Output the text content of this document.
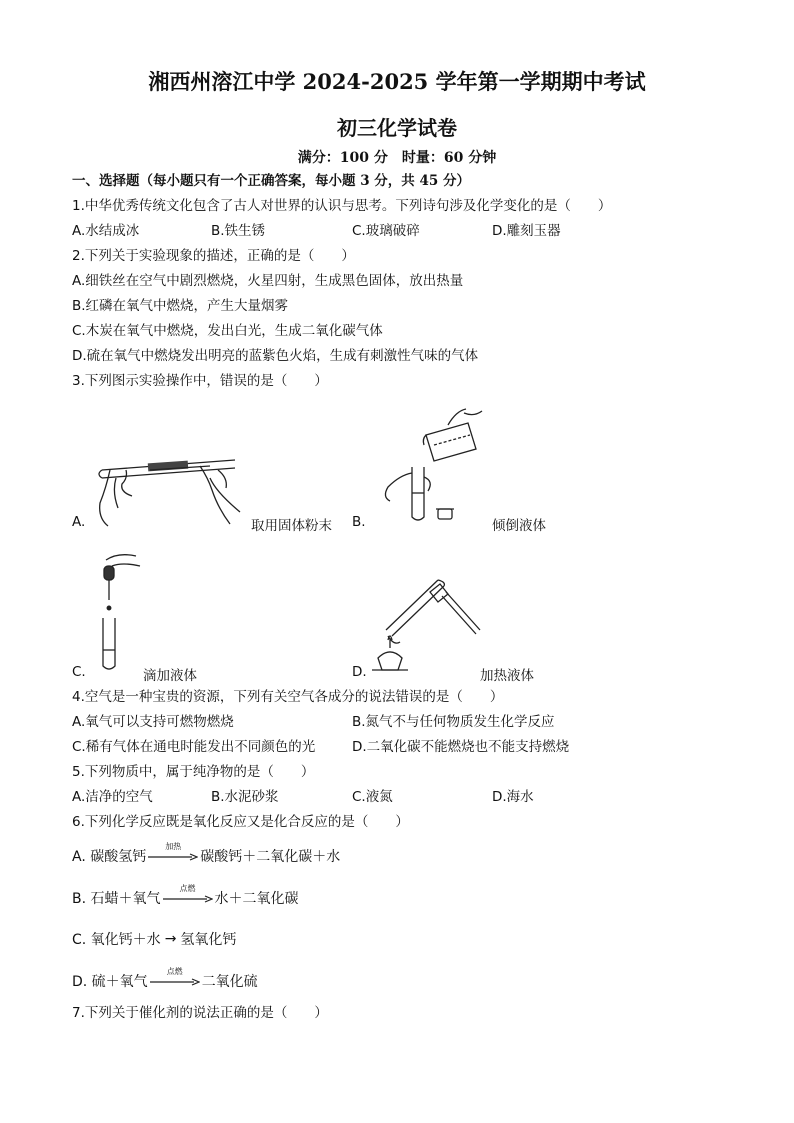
湘西州溶江中学 2024-2025 学年第一学期期中考试
初三化学试卷
满分：100 分　时量：60 分钟
一、选择题（每小题只有一个正确答案，每小题 3 分，共 45 分）
1.中华优秀传统文化包含了古人对世界的认识与思考。下列诗句涉及化学变化的是（　　）
A.水结成冰	B.铁生锈	C.玻璃破碎	D.雕刻玉器
2.下列关于实验现象的描述，正确的是（　　）
A.细铁丝在空气中剧烈燃烧，火星四射，生成黑色固体，放出热量
B.红磷在氧气中燃烧，产生大量烟雾
C.木炭在氧气中燃烧，发出白光，生成二氧化碳气体
D.硫在氧气中燃烧发出明亮的蓝紫色火焰，生成有刺激性气味的气体
3.下列图示实验操作中，错误的是（　　）
A.	取用固体粉末 B.	倾倒液体
C.	滴加液体	D.	加热液体
4.空气是一种宝贵的资源，下列有关空气各成分的说法错误的是（　　）
A.氧气可以支持可燃物燃烧	B.氮气不与任何物质发生化学反应
C.稀有气体在通电时能发出不同颜色的光	D.二氧化碳不能燃烧也不能支持燃烧
5.下列物质中，属于纯净物的是（　　）
A.洁净的空气	B.水泥砂浆	C.液氮	D.海水
6.下列化学反应既是氧化反应又是化合反应的是（　　）
A. 碳酸氢钙
加热
碳酸钙＋二氧化碳＋水
B. 石蜡＋氧气
点燃
水＋二氧化碳
C. 氧化钙＋水 → 氢氧化钙
D. 硫＋氧气
点燃
二氧化硫
7.下列关于催化剂的说法正确的是（　　）
